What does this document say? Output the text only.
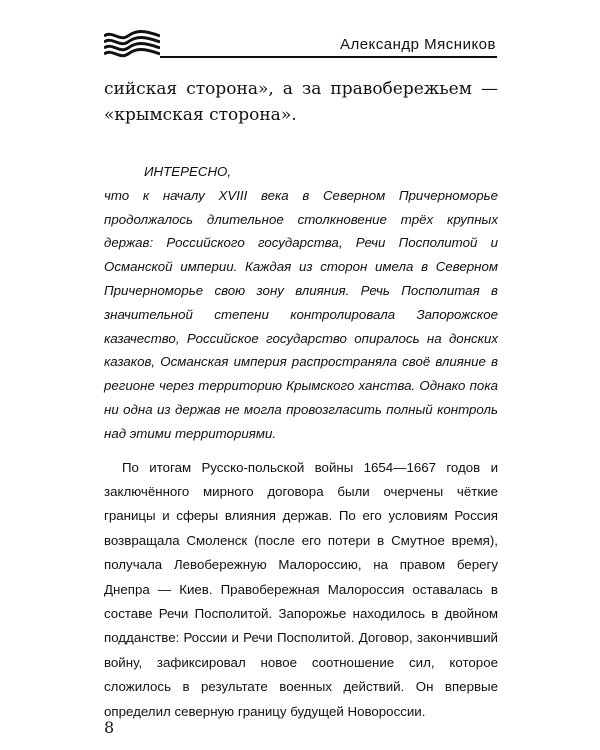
Александр Мясников

сийская сторона», а за правобережьем — «крымская сторона».

ИНТЕРЕСНО,

что к началу XVIII века в Северном Причерноморье продолжалось длительное столкновение трёх крупных держав: Российского государства, Речи Посполитой и Османской империи. Каждая из сторон имела в Северном Причерноморье свою зону влияния. Речь Посполитая в значительной степени контролировала Запорожское казачество, Российское государство опиралось на донских казаков, Османская империя распространяла своё влияние в регионе через территорию Крымского ханства. Однако пока ни одна из держав не могла провозгласить полный контроль над этими территориями.

По итогам Русско-польской войны 1654—1667 годов и заключённого мирного договора были очерчены чёткие границы и сферы влияния держав. По его условиям Россия возвращала Смоленск (после его потери в Смутное время), получала Левобережную Малороссию, на правом берегу Днепра — Киев. Правобережная Малороссия оставалась в составе Речи Посполитой. Запорожье находилось в двойном подданстве: России и Речи Посполитой. Договор, закончивший войну, зафиксировал новое соотношение сил, которое сложилось в результате военных действий. Он впервые определил северную границу будущей Новороссии.

8
